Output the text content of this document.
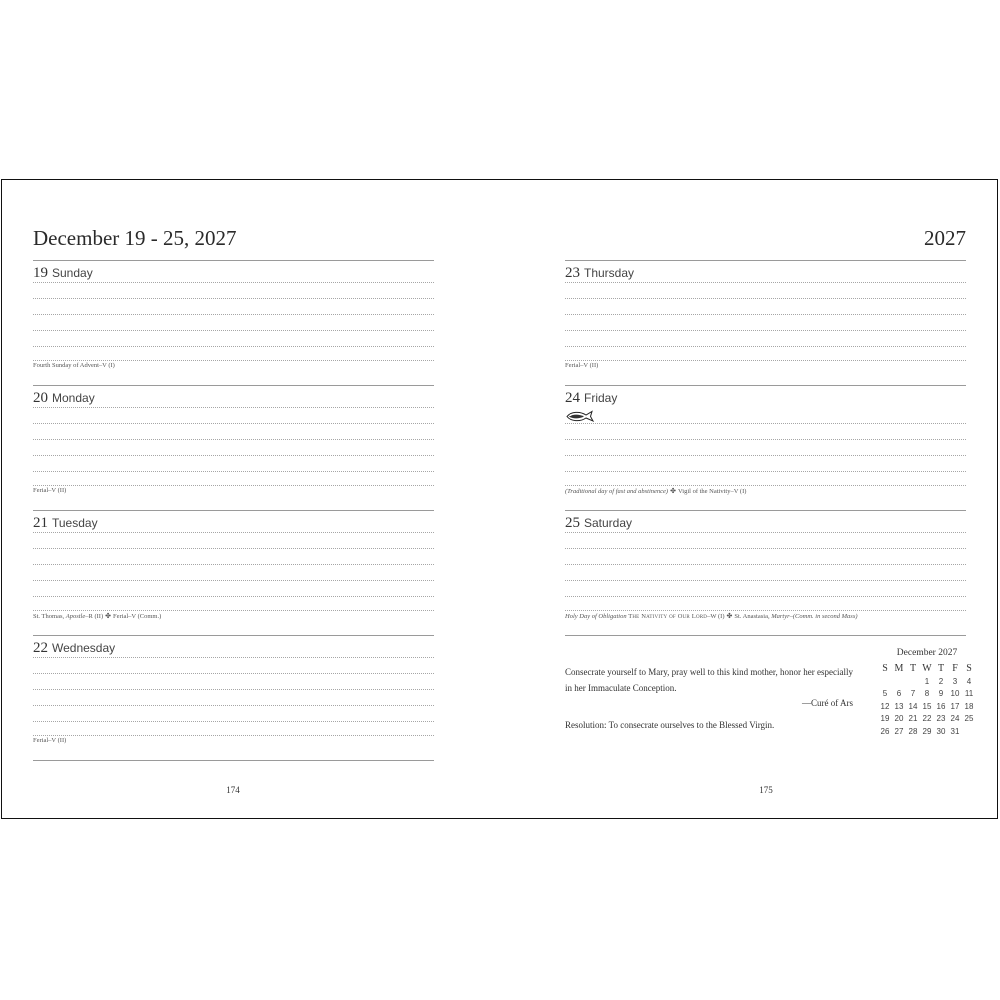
December 19 - 25, 2027	2027
19 Sunday
Fourth Sunday of Advent–V (I)
20 Monday
Ferial–V (II)
21 Tuesday
St. Thomas, Apostle–R (II) ✤ Ferial–V (Comm.)
22 Wednesday
Ferial–V (II)
23 Thursday
Ferial–V (II)
24 Friday
(Traditional day of fast and abstinence) ✤ Vigil of the Nativity–V (I)
25 Saturday
Holy Day of Obligation The Nativity of Our Lord–W (I) ✤ St. Anastasia, Martyr–(Comm. in second Mass)
Consecrate yourself to Mary, pray well to this kind mother, honor her especially in her Immaculate Conception.
—Curé of Ars
Resolution: To consecrate ourselves to the Blessed Virgin.
December 2027
S	M	T	W	T	F	S
			1	2	3	4
5	6	7	8	9	10	11
12	13	14	15	16	17	18
19	20	21	22	23	24	25
26	27	28	29	30	31	
174	175
